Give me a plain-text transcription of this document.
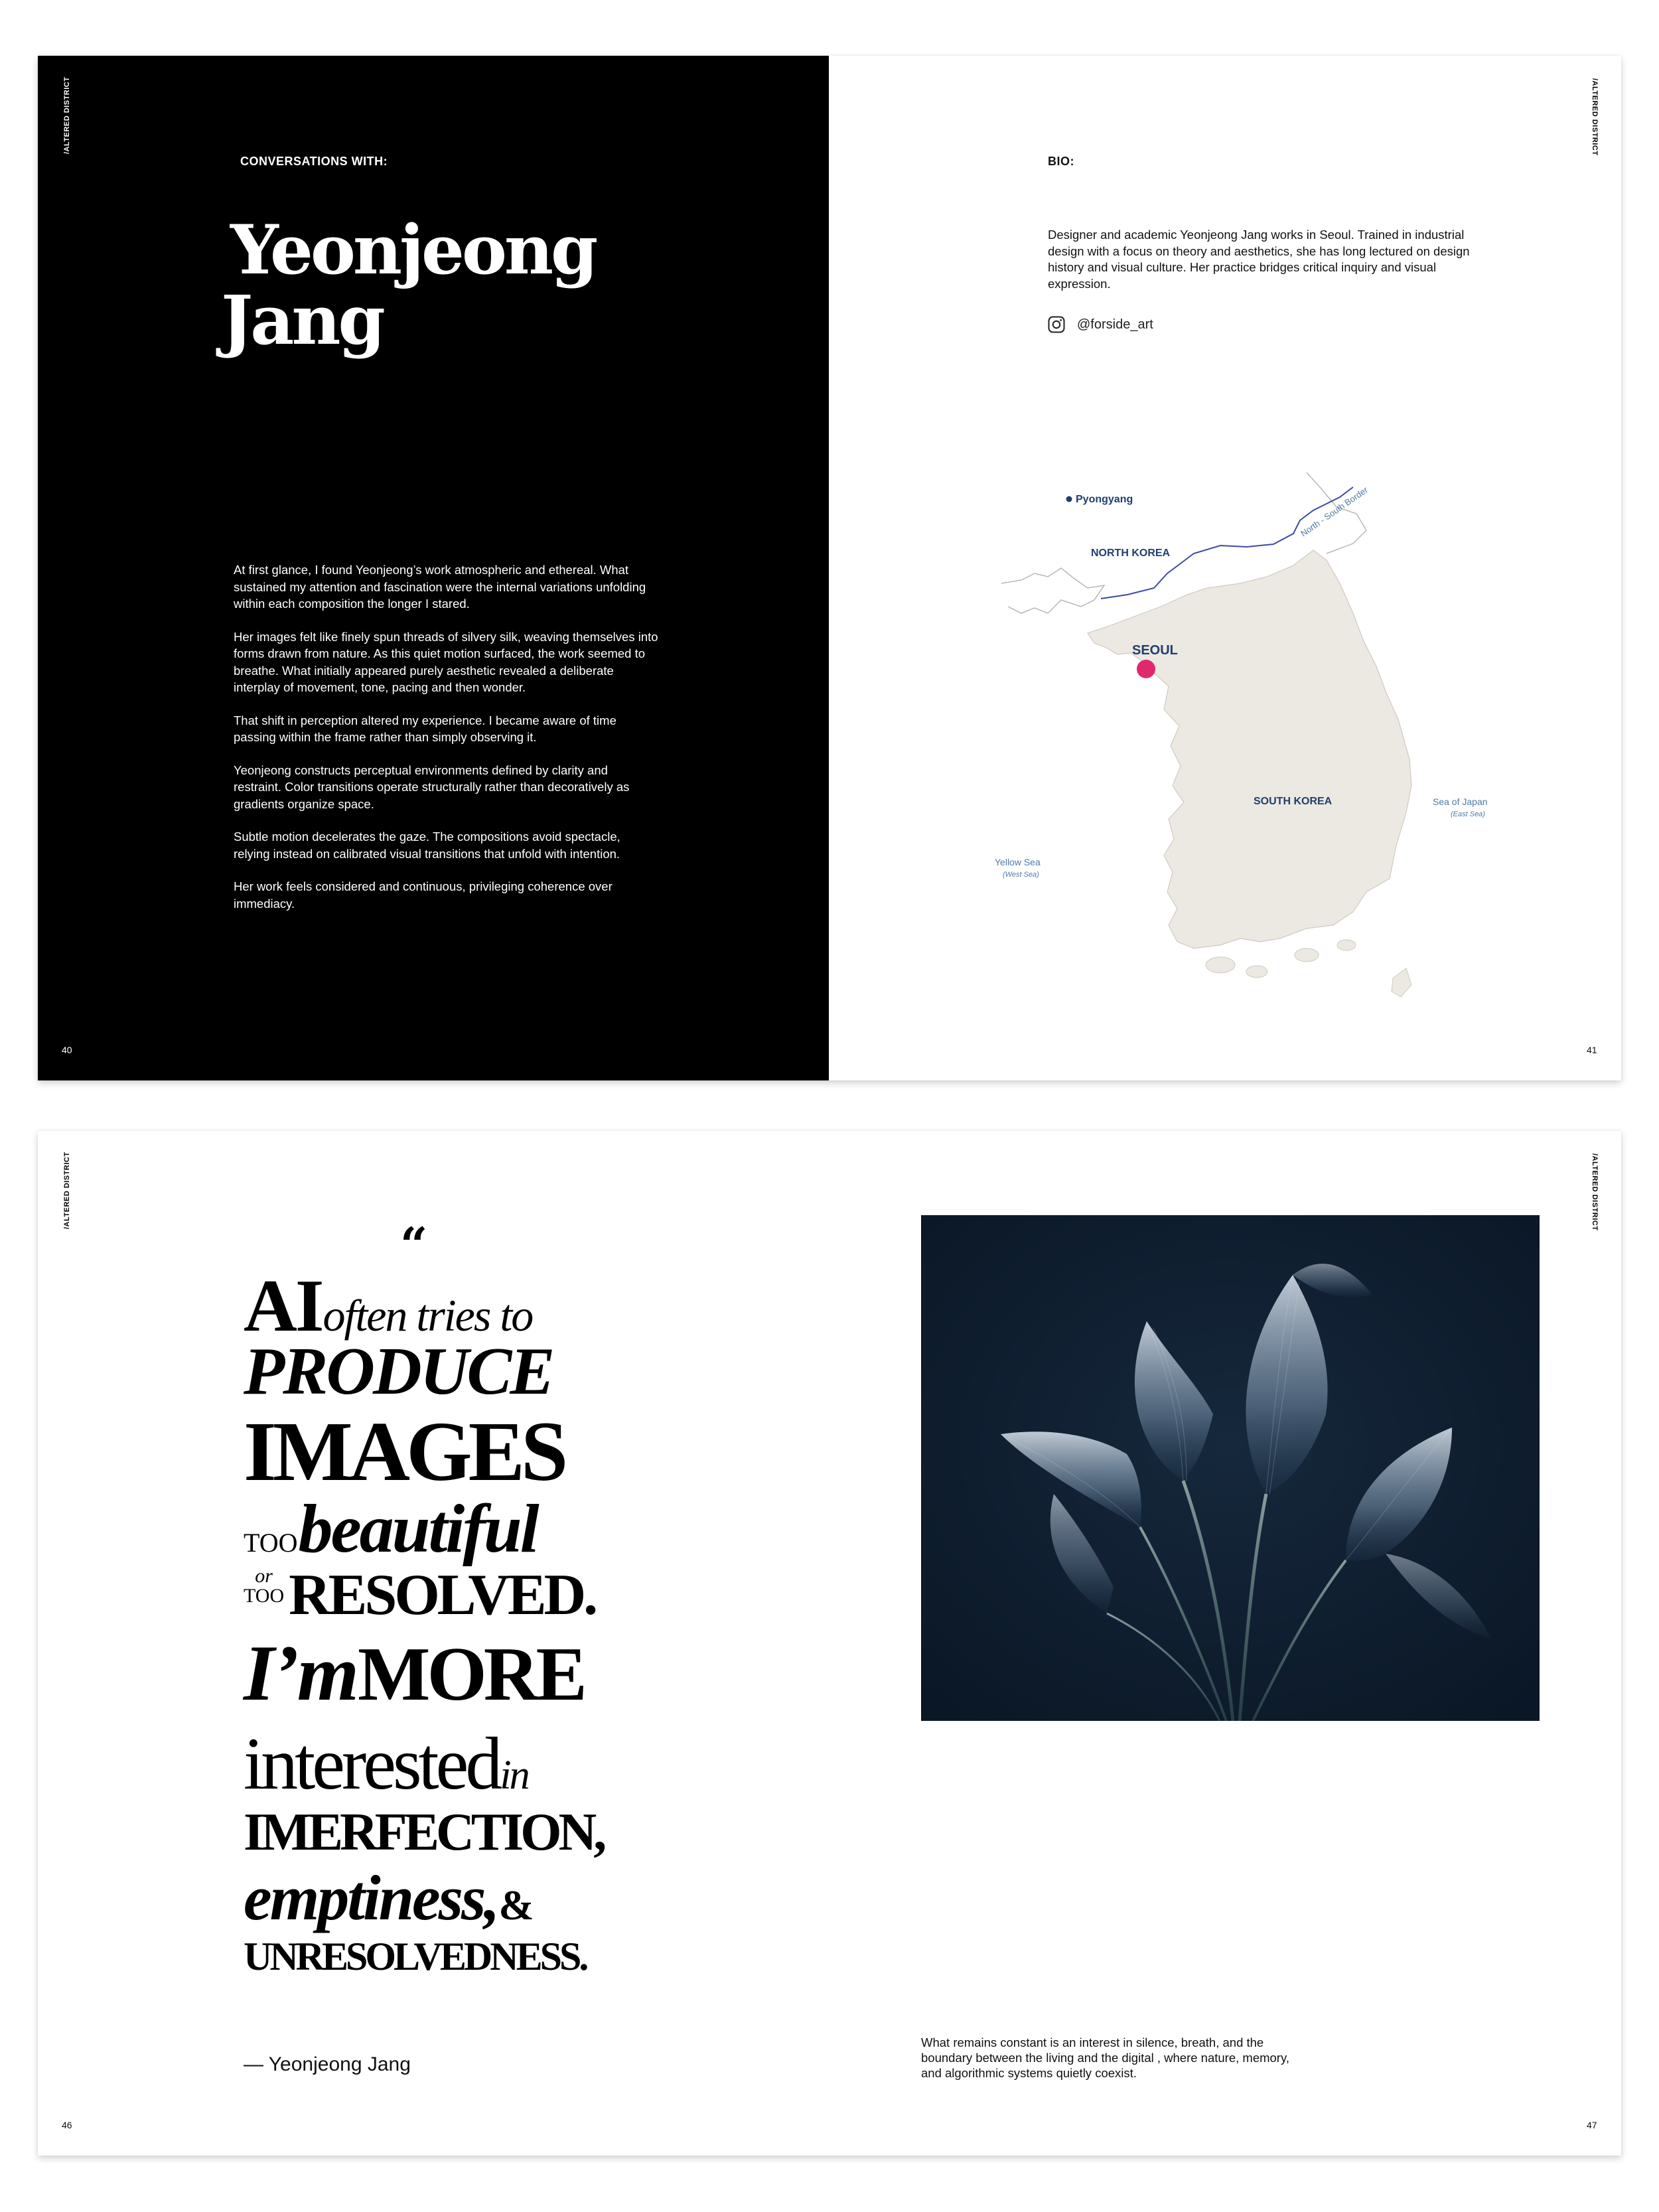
/ALTERED DISTRICT
CONVERSATIONS WITH:
Yeonjeong
Jang

At first glance, I found Yeonjeong’s work atmospheric and ethereal. What sustained my attention and fascination were the internal variations unfolding within each composition the longer I stared.

Her images felt like finely spun threads of silvery silk, weaving themselves into forms drawn from nature. As this quiet motion surfaced, the work seemed to breathe. What initially appeared purely aesthetic revealed a deliberate interplay of movement, tone, pacing and then wonder.

That shift in perception altered my experience. I became aware of time passing within the frame rather than simply observing it.

Yeonjeong constructs perceptual environments defined by clarity and restraint. Color transitions operate structurally rather than decoratively as gradients organize space.

Subtle motion decelerates the gaze. The compositions avoid spectacle, relying instead on calibrated visual transitions that unfold with intention.

Her work feels considered and continuous, privileging coherence over immediacy.

40
/ALTERED DISTRICT
BIO:

Designer and academic Yeonjeong Jang works in Seoul. Trained in industrial design with a focus on theory and aesthetics, she has long lectured on design history and visual culture. Her practice bridges critical inquiry and visual expression.

@forside_art
North - South Border
Pyongyang
NORTH KOREA
SEOUL
SOUTH KOREA	Sea of Japan
(East Sea)
Yellow Sea
(West Sea)
41
/ALTERED DISTRICT
“
AI often tries to
PRODUCE
IMAGES
TOO beautiful
or
TOO RESOLVED.
I’m MORE
interested in
IMERFECTION,
emptiness, &
UNRESOLVEDNESS.
— Yeonjeong Jang
46
/ALTERED DISTRICT

What remains constant is an interest in silence, breath, and the boundary between the living and the digital , where nature, memory, and algorithmic systems quietly coexist.

47
